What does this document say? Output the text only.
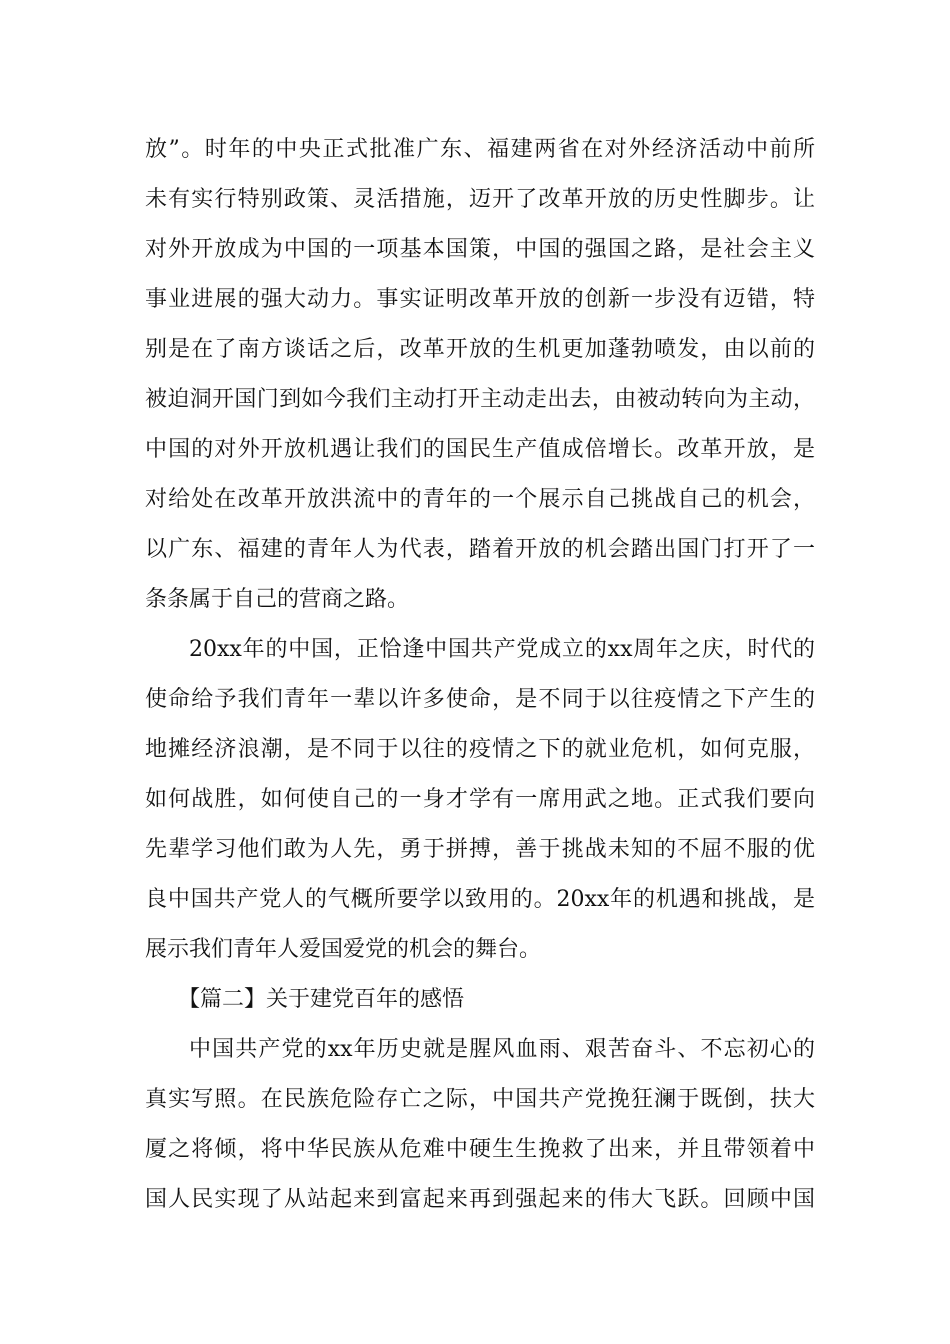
放”。时年的中央正式批准广东、福建两省在对外经济活动中前所
未有实行特别政策、灵活措施，迈开了改革开放的历史性脚步。让
对外开放成为中国的一项基本国策，中国的强国之路，是社会主义
事业进展的强大动力。事实证明改革开放的创新一步没有迈错，特
别是在了南方谈话之后，改革开放的生机更加蓬勃喷发，由以前的
被迫洞开国门到如今我们主动打开主动走出去，由被动转向为主动，
中国的对外开放机遇让我们的国民生产值成倍增长。改革开放，是
对给处在改革开放洪流中的青年的一个展示自己挑战自己的机会，
以广东、福建的青年人为代表，踏着开放的机会踏出国门打开了一
条条属于自己的营商之路。
20xx年的中国，正恰逢中国共产党成立的xx周年之庆，时代的
使命给予我们青年一辈以许多使命，是不同于以往疫情之下产生的
地摊经济浪潮，是不同于以往的疫情之下的就业危机，如何克服，
如何战胜，如何使自己的一身才学有一席用武之地。正式我们要向
先辈学习他们敢为人先，勇于拼搏，善于挑战未知的不屈不服的优
良中国共产党人的气概所要学以致用的。20xx年的机遇和挑战，是
展示我们青年人爱国爱党的机会的舞台。
【篇二】关于建党百年的感悟
中国共产党的xx年历史就是腥风血雨、艰苦奋斗、不忘初心的
真实写照。在民族危险存亡之际，中国共产党挽狂澜于既倒，扶大
厦之将倾，将中华民族从危难中硬生生挽救了出来，并且带领着中
国人民实现了从站起来到富起来再到强起来的伟大飞跃。回顾中国
